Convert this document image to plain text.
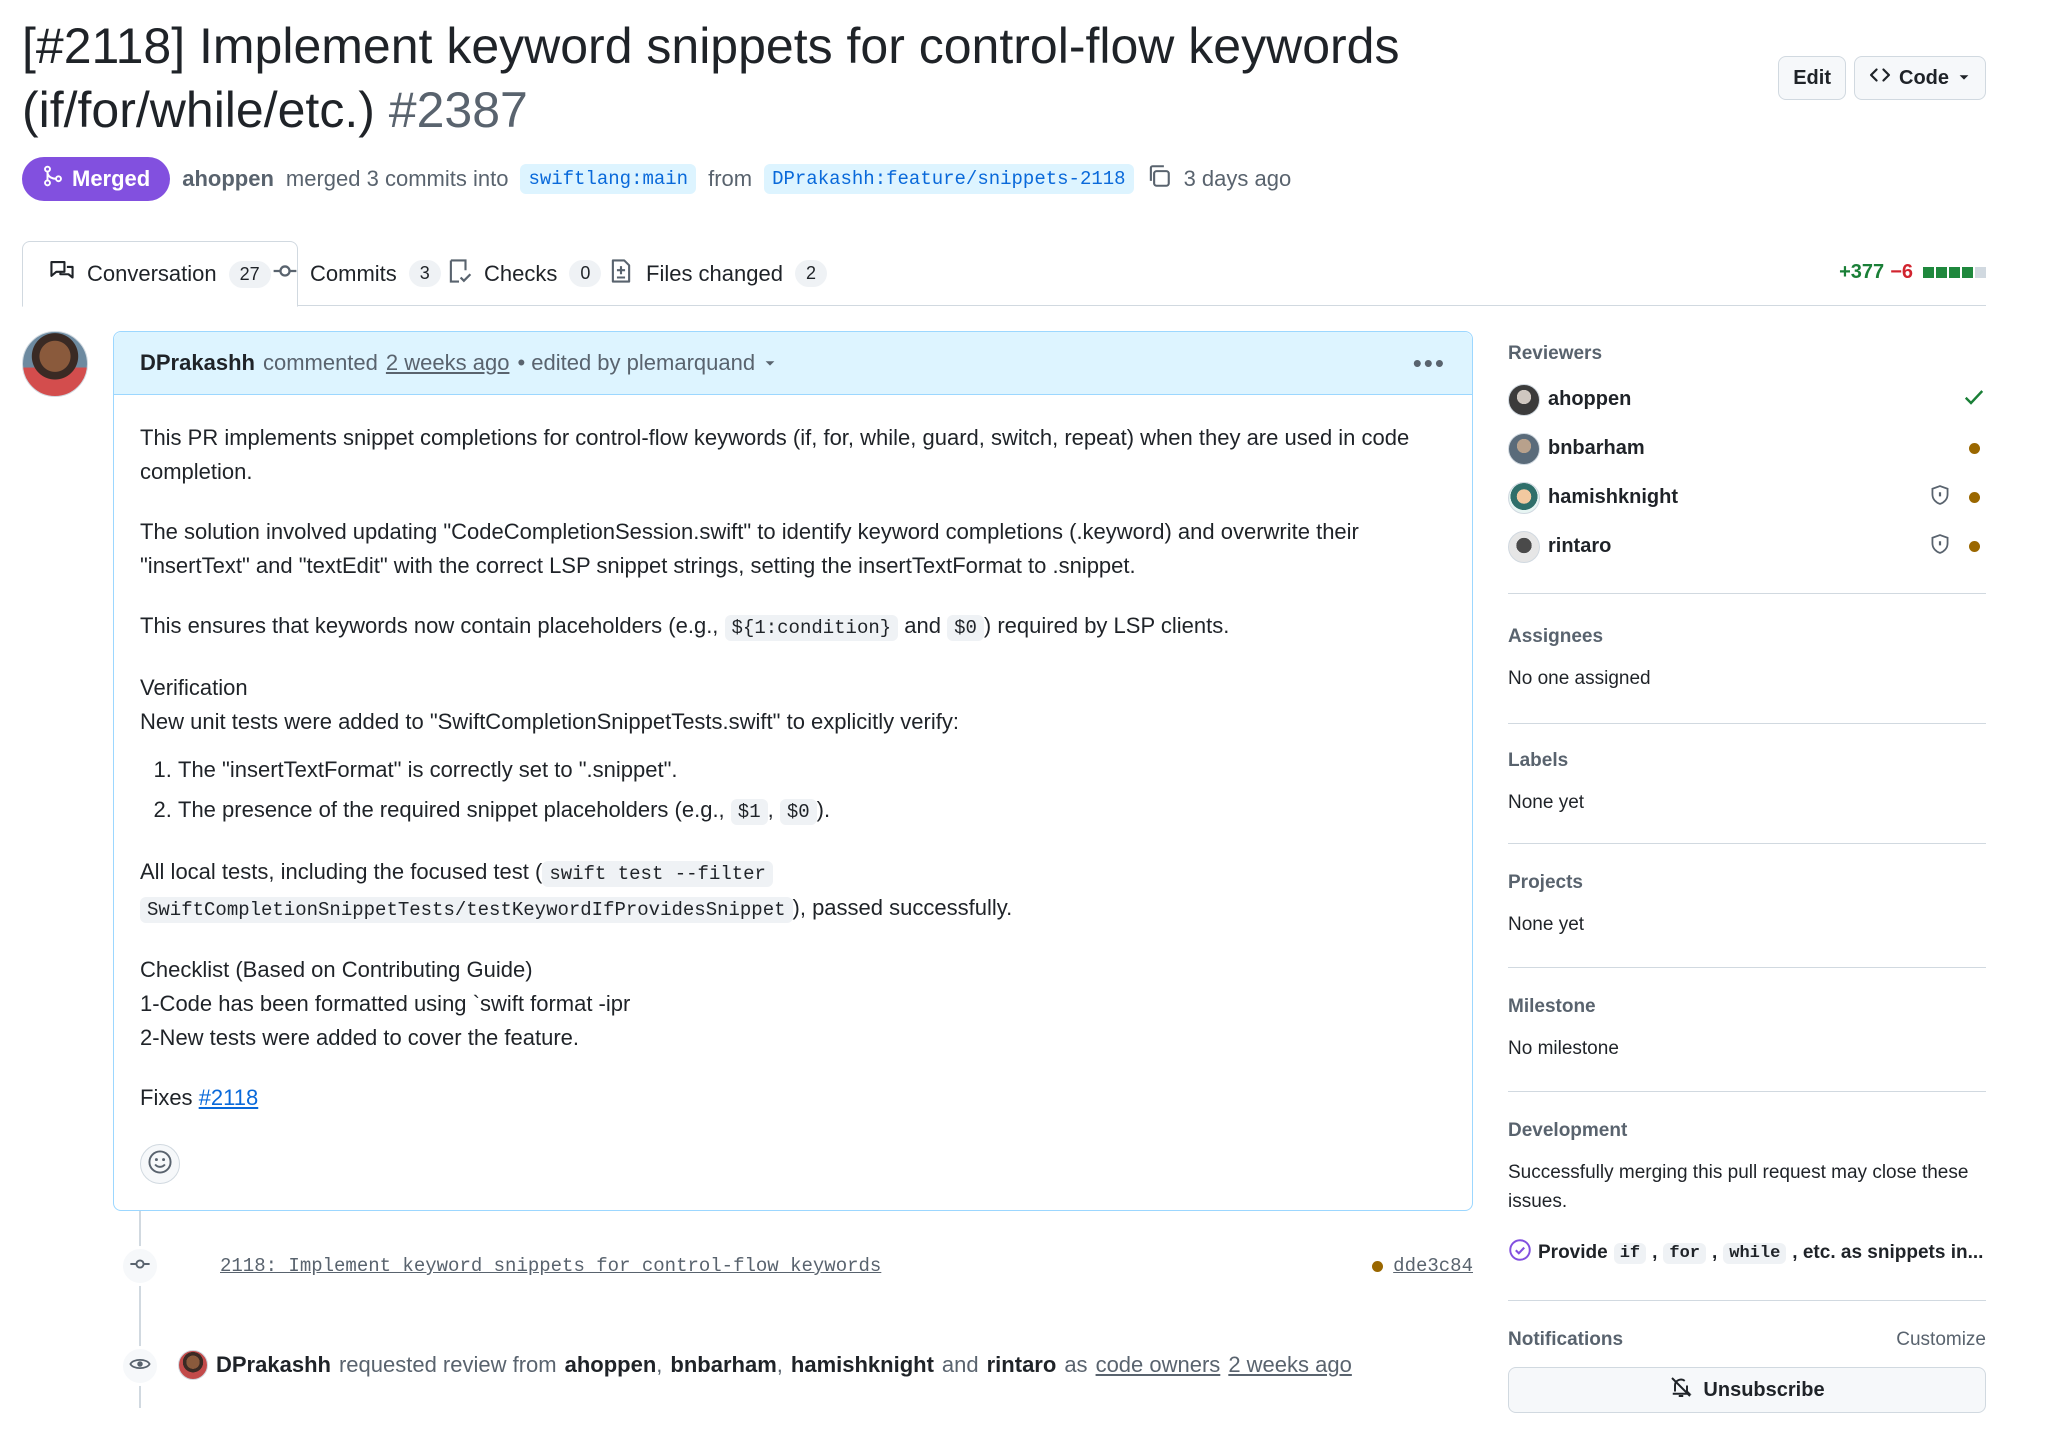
[#2118] Implement keyword snippets for control-flow keywords (if/for/while/etc.) #2387
Edit	Code
Merged ahoppen merged 3 commits into	swiftlang:main from	DPrakashh:feature/snippets-2118	3 days ago
Conversation	27	Commits	3	Checks	0	Files changed	2	+377 −6
DPrakashh commented 2 weeks ago • edited by plemarquand	•••

This PR implements snippet completions for control-flow keywords (if, for, while, guard, switch, repeat) when they are used in code completion.

The solution involved updating "CodeCompletionSession.swift" to identify keyword completions (.keyword) and overwrite their "insertText" and "textEdit" with the correct LSP snippet strings, setting the insertTextFormat to .snippet.

This ensures that keywords now contain placeholders (e.g., ${1:condition} and $0 ) required by LSP clients.

Verification

New unit tests were added to "SwiftCompletionSnippetTests.swift" to explicitly verify:

1. The "insertTextFormat" is correctly set to ".snippet".
2. The presence of the required snippet placeholders (e.g., $1 , $0 ).

All local tests, including the focused test ( swift test --filter
SwiftCompletionSnippetTests/testKeywordIfProvidesSnippet ), passed successfully.

Checklist (Based on Contributing Guide)

1-Code has been formatted using `swift format -ipr

2-New tests were added to cover the feature.

Fixes #2118

2118: Implement keyword snippets for control-flow keywords	dde3c84
DPrakashh requested review from ahoppen , bnbarham , hamishknight and rintaro as code owners 2 weeks ago
Reviewers
ahoppen
bnbarham
hamishknight
rintaro
Assignees
No one assigned
Labels
None yet
Projects
None yet
Milestone
No milestone
Development
Successfully merging this pull request may close these issues.
Provide if , for , while , etc. as snippets in...
Notifications	Customize
Unsubscribe
